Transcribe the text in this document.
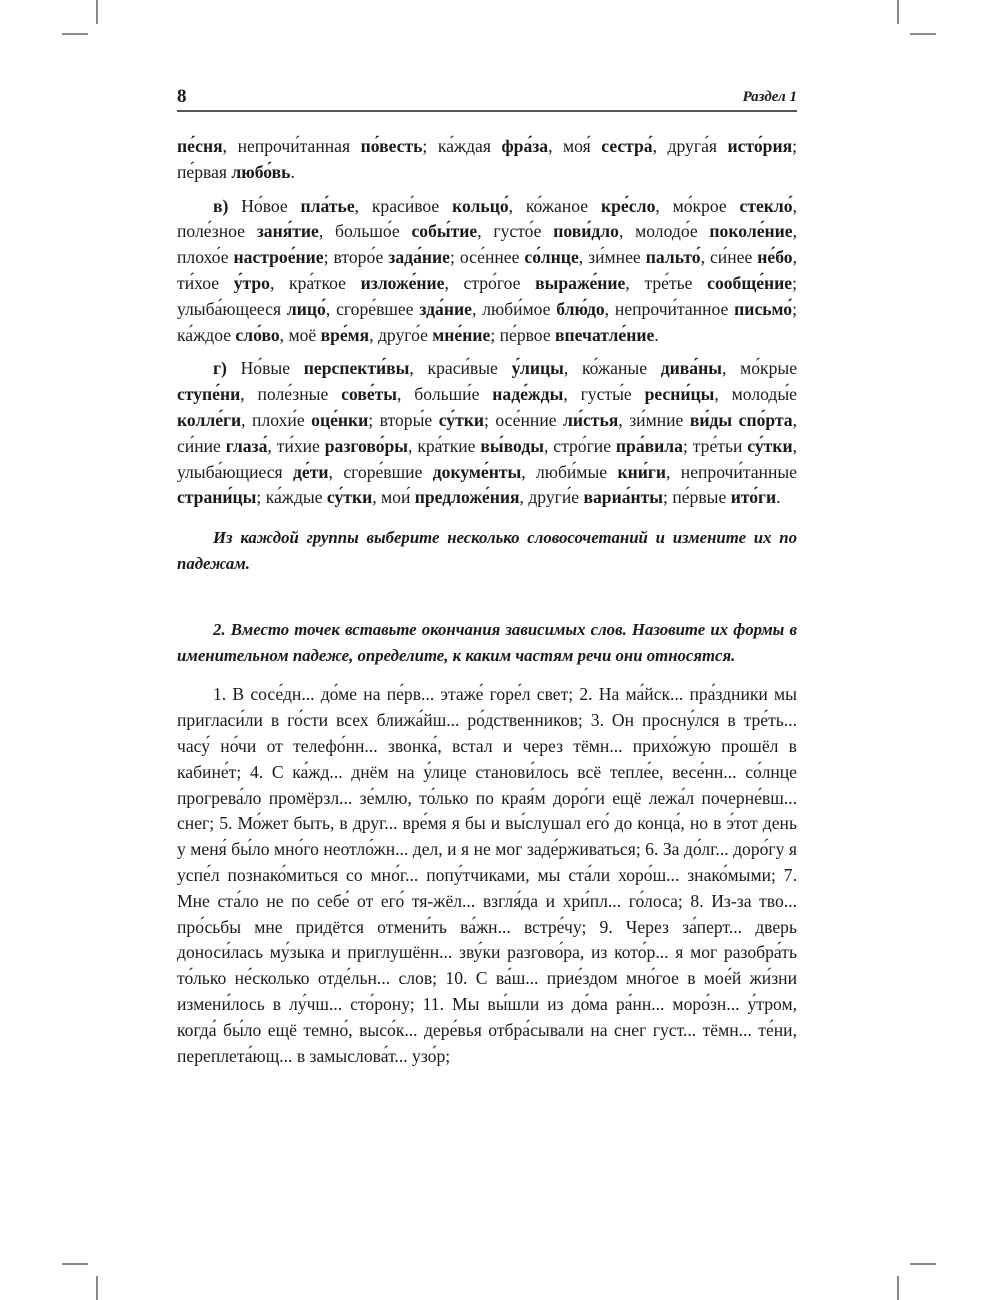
8	Раздел 1

пе́сня, непрочи́танная по́весть; ка́ждая фра́за, моя́ сестра́, друга́я исто́рия; пе́рвая любо́вь.

в) Но́вое пла́тье, краси́вое кольцо́, ко́жаное кре́сло, мо́крое стекло́, поле́зное заня́тие, большо́е собы́тие, густо́е пови́дло, молодо́е поколе́ние, плохо́е настрое́ние; второ́е зада́ние; осе́ннее со́лнце, зи́мнее пальто́, си́нее не́бо, ти́хое у́тро, кра́ткое изложе́ние, стро́гое выраже́ние, тре́тье сообще́ние; улыба́ющееся лицо́, сгоре́вшее зда́ние, люби́мое блю́до, непрочи́танное письмо́; ка́ждое сло́во, моё вре́мя, друго́е мне́ние; пе́рвое впечатле́ние.

г) Но́вые перспекти́вы, краси́вые у́лицы, ко́жаные дива́ны, мо́крые ступе́ни, поле́зные сове́ты, больши́е наде́жды, густы́е ресни́цы, молоды́е колле́ги, плохи́е оце́нки; вторы́е су́тки; осе́нние ли́стья, зи́мние ви́ды спо́рта, си́ние глаза́, ти́хие разгово́ры, кра́ткие вы́воды, стро́гие пра́вила; тре́тьи су́тки, улыба́ющиеся де́ти, сгоре́вшие докуме́нты, люби́мые кни́ги, непрочи́танные страни́цы; ка́ждые су́тки, мои́ предложе́ния, други́е вариа́нты; пе́рвые ито́ги.

Из каждой группы выберите несколько словосочетаний и измените их по падежам.

2. Вместо точек вставьте окончания зависимых слов. Назовите их формы в именительном падеже, определите, к каким частям речи они относятся.

1. В сосе́дн... до́ме на пе́рв... этаже́ горе́л свет; 2. На ма́йск... пра́здники мы пригласи́ли в го́сти всех ближа́йш... ро́дственников; 3. Он просну́лся в тре́ть... часу́ но́чи от телефо́нн... звонка́, встал и через тёмн... прихо́жую прошёл в кабине́т; 4. С ка́жд... днём на у́лице станови́лось всё тепле́е, весе́нн... со́лнце прогрева́ло промёрзл... зе́млю, то́лько по края́м доро́ги ещё лежа́л почерне́вш... снег; 5. Мо́жет быть, в друг... вре́мя я бы и вы́слушал его́ до конца́, но в э́тот день у меня́ бы́ло мно́го неотло́жн... дел, и я не мог заде́рживаться; 6. За до́лг... доро́гу я успе́л познако́миться со мно́г... попу́тчиками, мы ста́ли хоро́ш... знако́мыми; 7. Мне ста́ло не по себе́ от его́ тя-жёл... взгля́да и хри́пл... го́лоса; 8. Из-за тво... про́сьбы мне придётся отмени́ть ва́жн... встре́чу; 9. Через за́перт... дверь доноси́лась му́зыка и приглушённ... зву́ки разгово́ра, из кото́р... я мог разобра́ть то́лько не́сколько отде́льн... слов; 10. С ва́ш... прие́здом мно́гое в мое́й жи́зни измени́лось в лу́чш... сто́рону; 11. Мы вы́шли из до́ма ра́нн... моро́зн... у́тром, когда́ бы́ло ещё темно́, высо́к... дере́вья отбра́сывали на снег густ... тёмн... те́ни, переплета́ющ... в замыслова́т... узо́р;
